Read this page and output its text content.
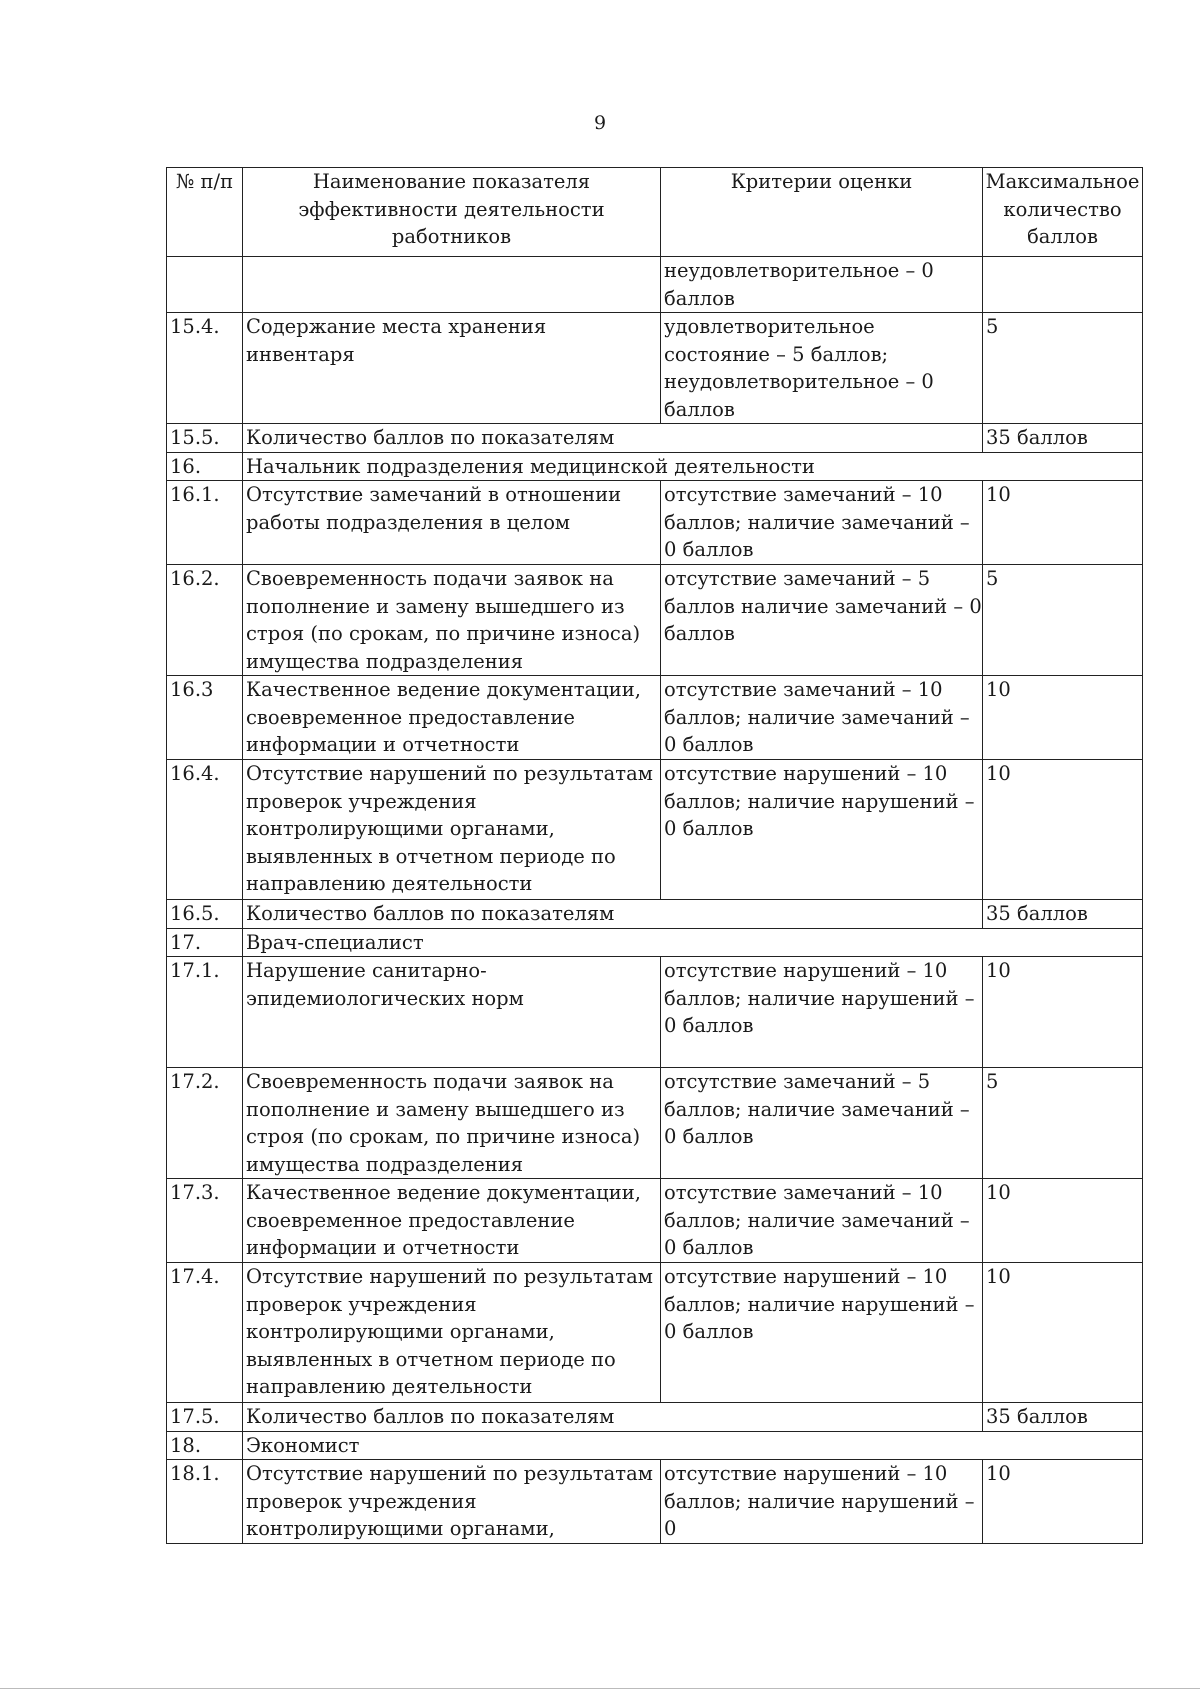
9
№ п/п	Наименование показателя эффективности деятельности работников	Критерии оценки	Максимальное количество баллов
		неудовлетворительное – 0 баллов	
15.4.	Содержание места хранения инвентаря	удовлетворительное состояние – 5 баллов; неудовлетворительное – 0 баллов	5
15.5.	Количество баллов по показателям		35 баллов
16.	Начальник подразделения медицинской деятельности		
16.1.	Отсутствие замечаний в отношении работы подразделения в целом	отсутствие замечаний – 10 баллов; наличие замечаний – 0 баллов	10
16.2.	Своевременность подачи заявок на пополнение и замену вышедшего из строя (по срокам, по причине износа) имущества подразделения	отсутствие замечаний – 5 баллов наличие замечаний – 0 баллов	5
16.3	Качественное ведение документации, своевременное предоставление информации и отчетности	отсутствие замечаний – 10 баллов; наличие замечаний – 0 баллов	10
16.4.	Отсутствие нарушений по результатам проверок учреждения контролирующими органами, выявленных в отчетном периоде по направлению деятельности	отсутствие нарушений – 10 баллов; наличие нарушений – 0 баллов	10
16.5.	Количество баллов по показателям		35 баллов
17.	Врач-специалист		
17.1.	Нарушение санитарно-эпидемиологических норм	отсутствие нарушений – 10 баллов; наличие нарушений – 0 баллов	10
17.2.	Своевременность подачи заявок на пополнение и замену вышедшего из строя (по срокам, по причине износа) имущества подразделения	отсутствие замечаний – 5 баллов; наличие замечаний – 0 баллов	5
17.3.	Качественное ведение документации, своевременное предоставление информации и отчетности	отсутствие замечаний – 10 баллов; наличие замечаний – 0 баллов	10
17.4.	Отсутствие нарушений по результатам проверок учреждения контролирующими органами, выявленных в отчетном периоде по направлению деятельности	отсутствие нарушений – 10 баллов; наличие нарушений – 0 баллов	10
17.5.	Количество баллов по показателям		35 баллов
18.	Экономист		
18.1.	Отсутствие нарушений по результатам проверок учреждения контролирующими органами,	отсутствие нарушений – 10 баллов; наличие нарушений – 0	10
